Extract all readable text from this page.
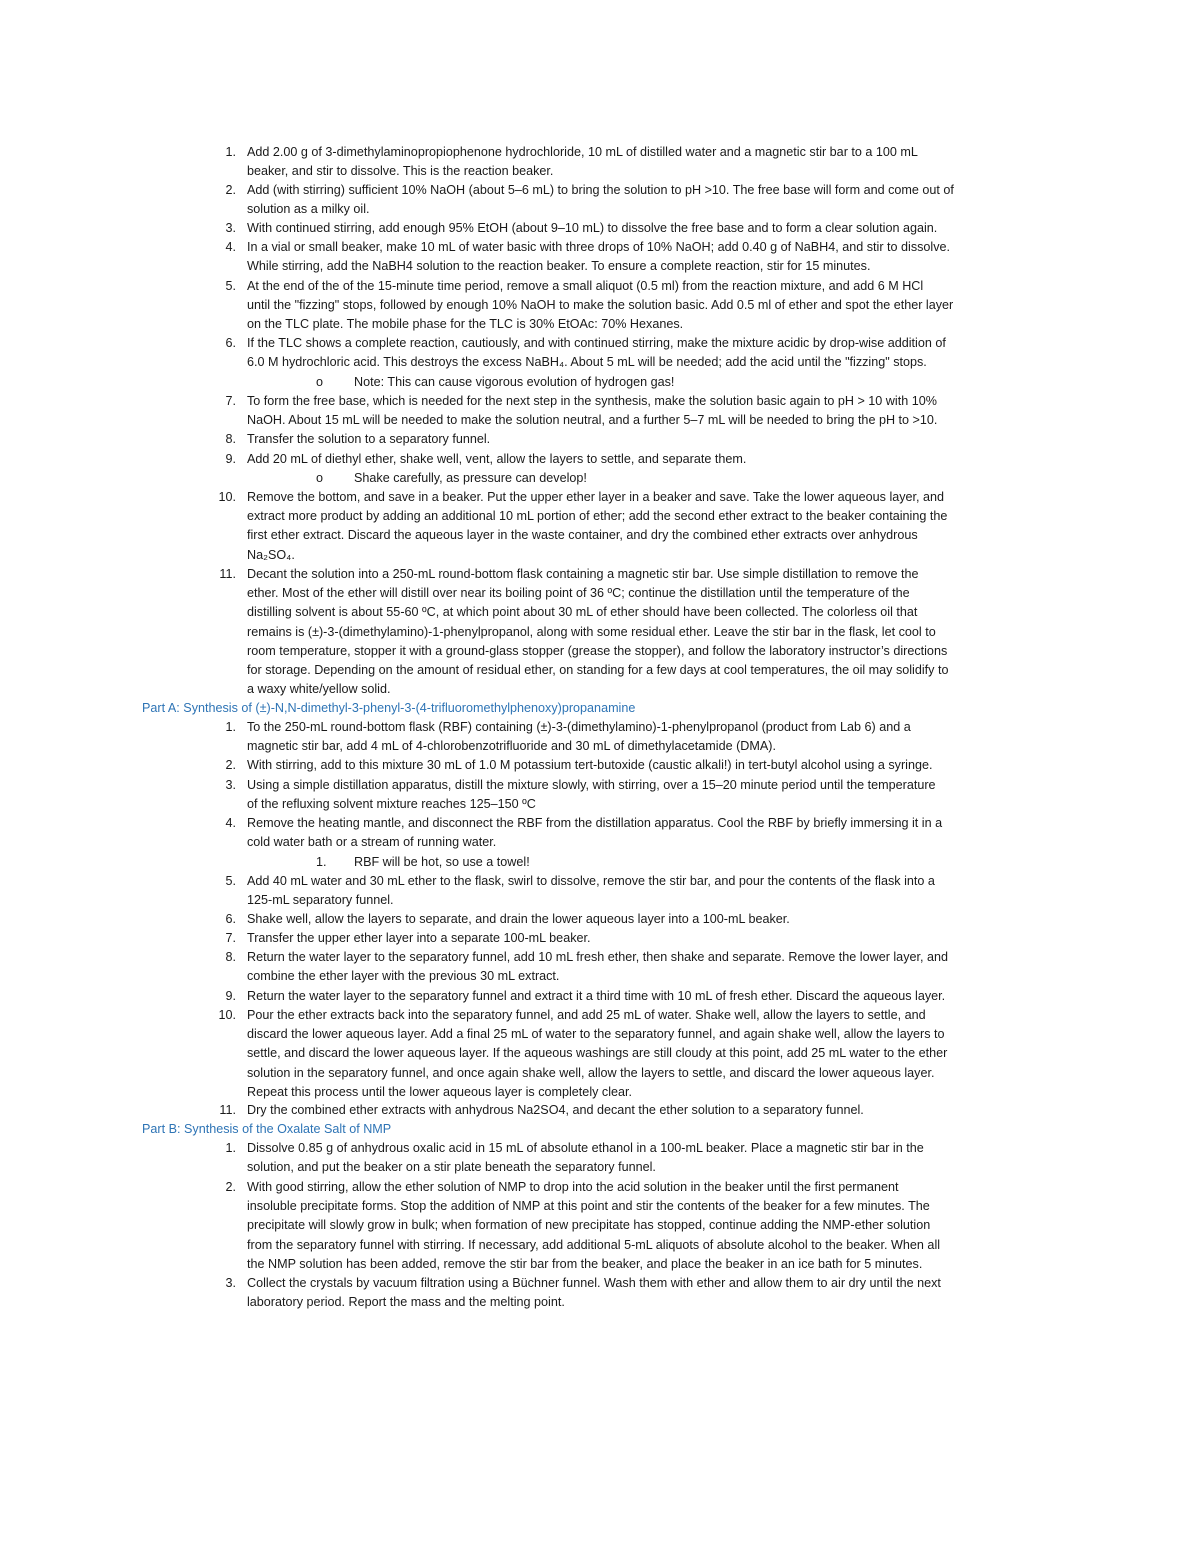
1. Add 2.00 g of 3-dimethylaminopropiophenone hydrochloride, 10 mL of distilled water and a magnetic stir bar to a 100 mL
beaker, and stir to dissolve. This is the reaction beaker.
2. Add (with stirring) sufficient 10% NaOH (about 5–6 mL) to bring the solution to pH >10. The free base will form and come out of
solution as a milky oil.
3. With continued stirring, add enough 95% EtOH (about 9–10 mL) to dissolve the free base and to form a clear solution again.
4. In a vial or small beaker, make 10 mL of water basic with three drops of 10% NaOH; add 0.40 g of NaBH4, and stir to dissolve.
While stirring, add the NaBH4 solution to the reaction beaker. To ensure a complete reaction, stir for 15 minutes.
5. At the end of the of the 15-minute time period, remove a small aliquot (0.5 ml) from the reaction mixture, and add 6 M HCl
until the "fizzing" stops, followed by enough 10% NaOH to make the solution basic. Add 0.5 ml of ether and spot the ether layer
on the TLC plate. The mobile phase for the TLC is 30% EtOAc: 70% Hexanes.
6. If the TLC shows a complete reaction, cautiously, and with continued stirring, make the mixture acidic by drop-wise addition of
6.0 M hydrochloric acid. This destroys the excess NaBH₄. About 5 mL will be needed; add the acid until the "fizzing" stops.
o	Note: This can cause vigorous evolution of hydrogen gas!
7. To form the free base, which is needed for the next step in the synthesis, make the solution basic again to pH > 10 with 10%
NaOH. About 15 mL will be needed to make the solution neutral, and a further 5–7 mL will be needed to bring the pH to >10.
8. Transfer the solution to a separatory funnel.
9. Add 20 mL of diethyl ether, shake well, vent, allow the layers to settle, and separate them.
o	Shake carefully, as pressure can develop!
10. Remove the bottom, and save in a beaker. Put the upper ether layer in a beaker and save. Take the lower aqueous layer, and
extract more product by adding an additional 10 mL portion of ether; add the second ether extract to the beaker containing the
first ether extract. Discard the aqueous layer in the waste container, and dry the combined ether extracts over anhydrous
Na₂SO₄.
11. Decant the solution into a 250-mL round-bottom flask containing a magnetic stir bar. Use simple distillation to remove the
ether. Most of the ether will distill over near its boiling point of 36 ºC; continue the distillation until the temperature of the
distilling solvent is about 55-60 ºC, at which point about 30 mL of ether should have been collected. The colorless oil that
remains is (±)-3-(dimethylamino)-1-phenylpropanol, along with some residual ether. Leave the stir bar in the flask, let cool to
room temperature, stopper it with a ground-glass stopper (grease the stopper), and follow the laboratory instructor’s directions
for storage. Depending on the amount of residual ether, on standing for a few days at cool temperatures, the oil may solidify to
a waxy white/yellow solid.
Part A: Synthesis of (±)-N,N-dimethyl-3-phenyl-3-(4-trifluoromethylphenoxy)propanamine
1. To the 250-mL round-bottom flask (RBF) containing (±)-3-(dimethylamino)-1-phenylpropanol (product from Lab 6) and a
magnetic stir bar, add 4 mL of 4-chlorobenzotrifluoride and 30 mL of dimethylacetamide (DMA).
2. With stirring, add to this mixture 30 mL of 1.0 M potassium tert-butoxide (caustic alkali!) in tert-butyl alcohol using a syringe.
3. Using a simple distillation apparatus, distill the mixture slowly, with stirring, over a 15–20 minute period until the temperature
of the refluxing solvent mixture reaches 125–150 ºC
4. Remove the heating mantle, and disconnect the RBF from the distillation apparatus. Cool the RBF by briefly immersing it in a
cold water bath or a stream of running water.
1.	RBF will be hot, so use a towel!
5. Add 40 mL water and 30 mL ether to the flask, swirl to dissolve, remove the stir bar, and pour the contents of the flask into a
125-mL separatory funnel.
6. Shake well, allow the layers to separate, and drain the lower aqueous layer into a 100-mL beaker.
7. Transfer the upper ether layer into a separate 100-mL beaker.
8. Return the water layer to the separatory funnel, add 10 mL fresh ether, then shake and separate. Remove the lower layer, and
combine the ether layer with the previous 30 mL extract.
9. Return the water layer to the separatory funnel and extract it a third time with 10 mL of fresh ether. Discard the aqueous layer.
10. Pour the ether extracts back into the separatory funnel, and add 25 mL of water. Shake well, allow the layers to settle, and
discard the lower aqueous layer. Add a final 25 mL of water to the separatory funnel, and again shake well, allow the layers to
settle, and discard the lower aqueous layer. If the aqueous washings are still cloudy at this point, add 25 mL water to the ether
solution in the separatory funnel, and once again shake well, allow the layers to settle, and discard the lower aqueous layer.
Repeat this process until the lower aqueous layer is completely clear.
11. Dry the combined ether extracts with anhydrous Na2SO4, and decant the ether solution to a separatory funnel.
Part B: Synthesis of the Oxalate Salt of NMP
1. Dissolve 0.85 g of anhydrous oxalic acid in 15 mL of absolute ethanol in a 100-mL beaker. Place a magnetic stir bar in the
solution, and put the beaker on a stir plate beneath the separatory funnel.
2. With good stirring, allow the ether solution of NMP to drop into the acid solution in the beaker until the first permanent
insoluble precipitate forms. Stop the addition of NMP at this point and stir the contents of the beaker for a few minutes. The
precipitate will slowly grow in bulk; when formation of new precipitate has stopped, continue adding the NMP-ether solution
from the separatory funnel with stirring. If necessary, add additional 5-mL aliquots of absolute alcohol to the beaker. When all
the NMP solution has been added, remove the stir bar from the beaker, and place the beaker in an ice bath for 5 minutes.
3. Collect the crystals by vacuum filtration using a Büchner funnel. Wash them with ether and allow them to air dry until the next
laboratory period. Report the mass and the melting point.
